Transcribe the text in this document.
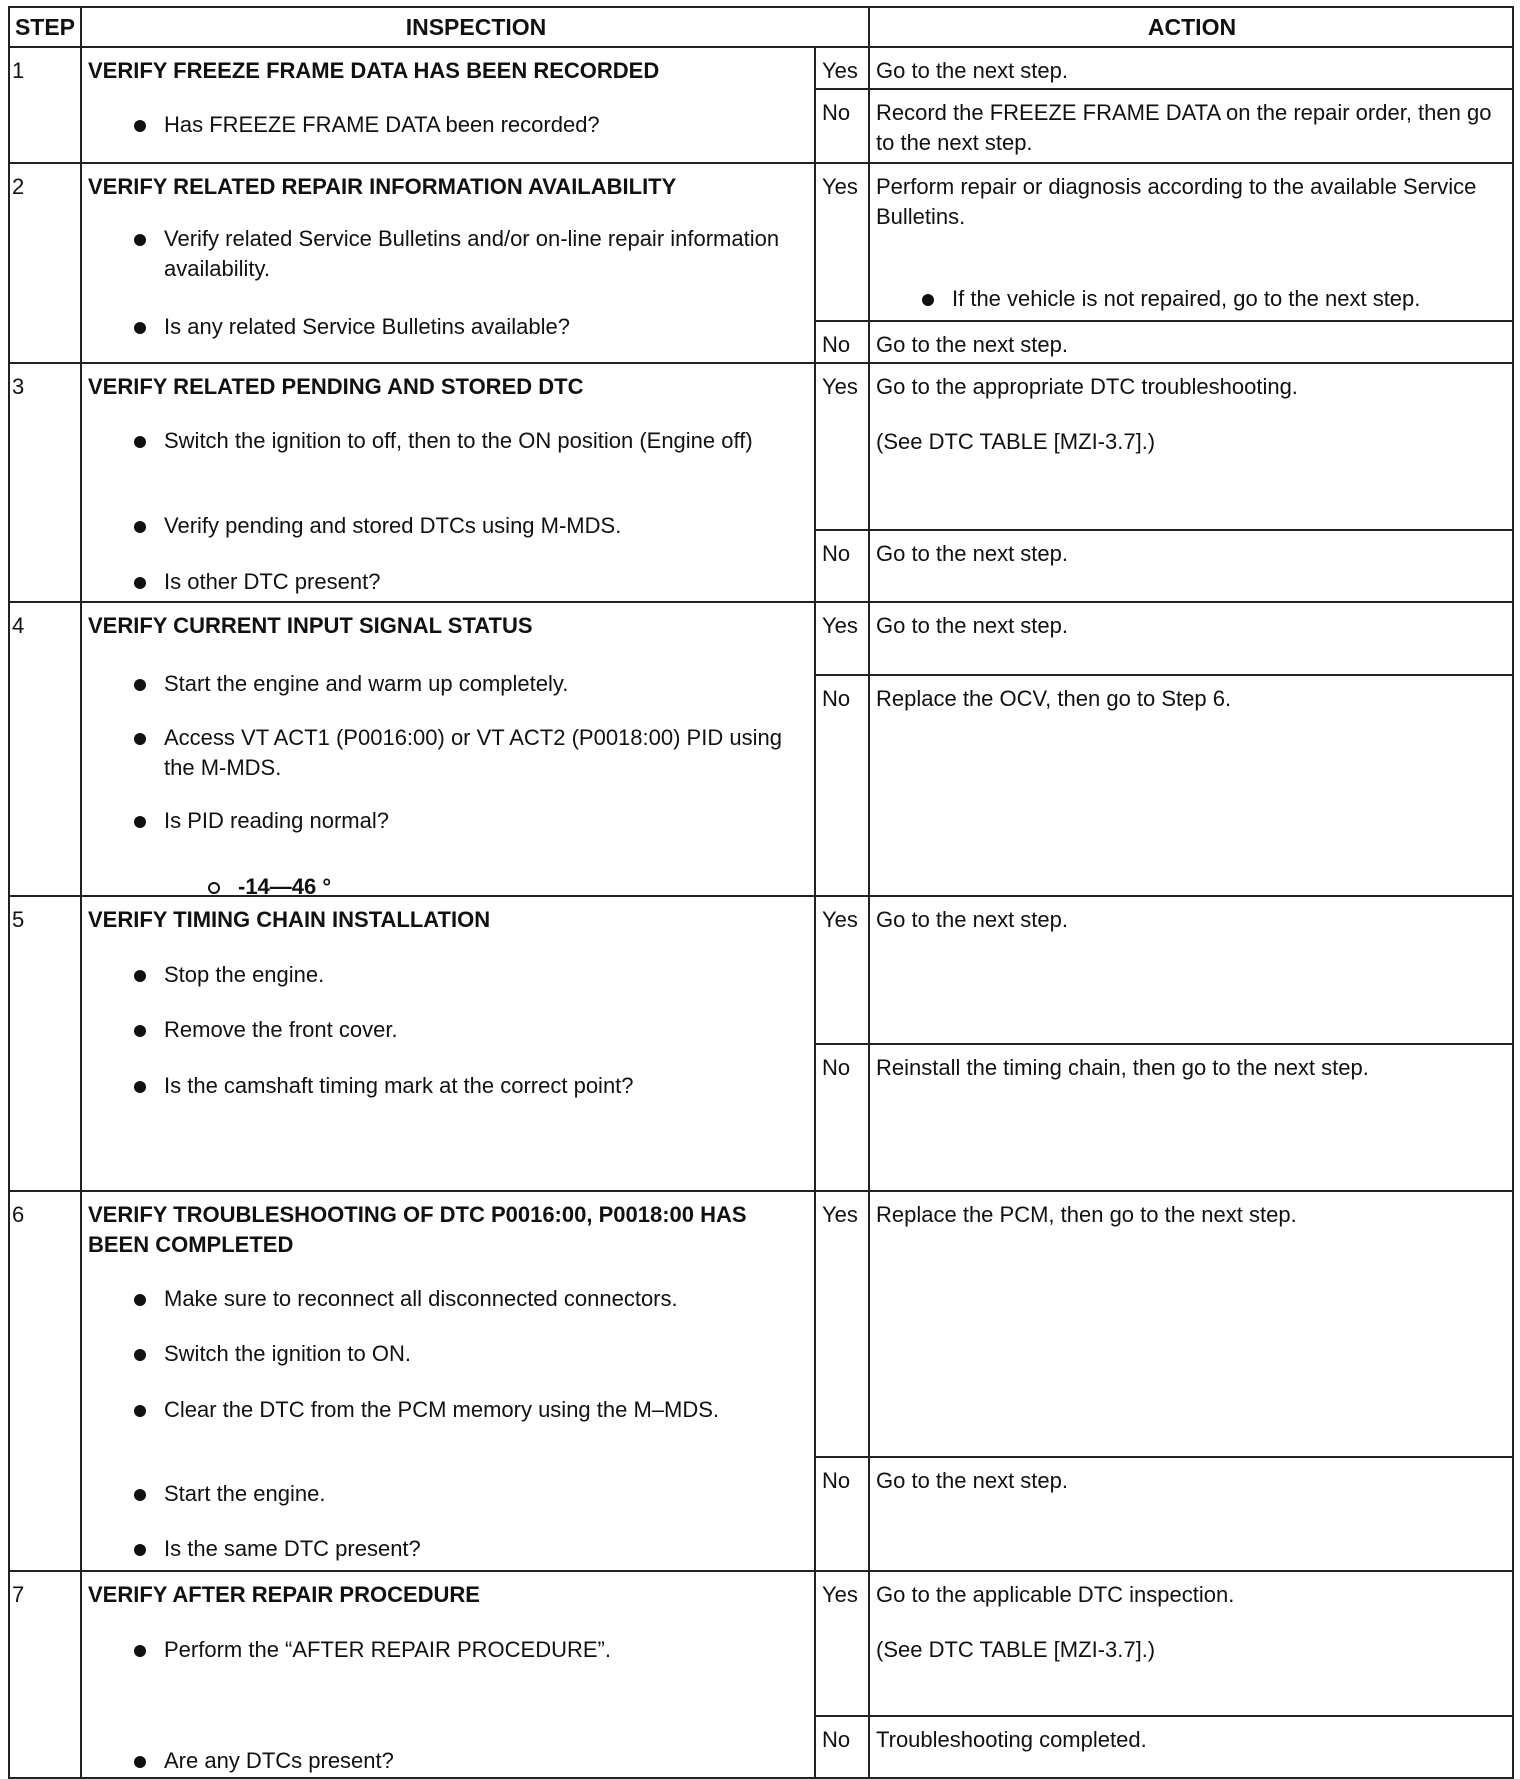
STEP	INSPECTION	ACTION
1	VERIFY FREEZE FRAME DATA HAS BEEN RECORDED
Has FREEZE FRAME DATA been recorded?
Yes Go to the next step.
No Record the FREEZE FRAME DATA on the repair order, then go to the next step.
2	VERIFY RELATED REPAIR INFORMATION AVAILABILITY
Verify related Service Bulletins and/or on-line repair information availability.
Is any related Service Bulletins available?
Yes Perform repair or diagnosis according to the available Service Bulletins.
If the vehicle is not repaired, go to the next step.
No Go to the next step.
3	VERIFY RELATED PENDING AND STORED DTC
Switch the ignition to off, then to the ON position (Engine off)
Verify pending and stored DTCs using M-MDS.
Is other DTC present?
Yes Go to the appropriate DTC troubleshooting.
(See DTC TABLE [MZI-3.7].)
No Go to the next step.
4	VERIFY CURRENT INPUT SIGNAL STATUS
Start the engine and warm up completely.
Access VT ACT1 (P0016:00) or VT ACT2 (P0018:00) PID using the M-MDS.
Is PID reading normal?
-14—46 °
Yes Go to the next step.
No Replace the OCV, then go to Step 6.
5	VERIFY TIMING CHAIN INSTALLATION
Stop the engine.
Remove the front cover.
Is the camshaft timing mark at the correct point?
Yes Go to the next step.
No Reinstall the timing chain, then go to the next step.
6	VERIFY TROUBLESHOOTING OF DTC P0016:00, P0018:00 HAS BEEN COMPLETED
Make sure to reconnect all disconnected connectors.
Switch the ignition to ON.
Clear the DTC from the PCM memory using the M–MDS.
Start the engine.
Is the same DTC present?
Yes Replace the PCM, then go to the next step.
No Go to the next step.
7	VERIFY AFTER REPAIR PROCEDURE
Perform the “AFTER REPAIR PROCEDURE”.
Are any DTCs present?
Yes Go to the applicable DTC inspection.
(See DTC TABLE [MZI-3.7].)
No Troubleshooting completed.
